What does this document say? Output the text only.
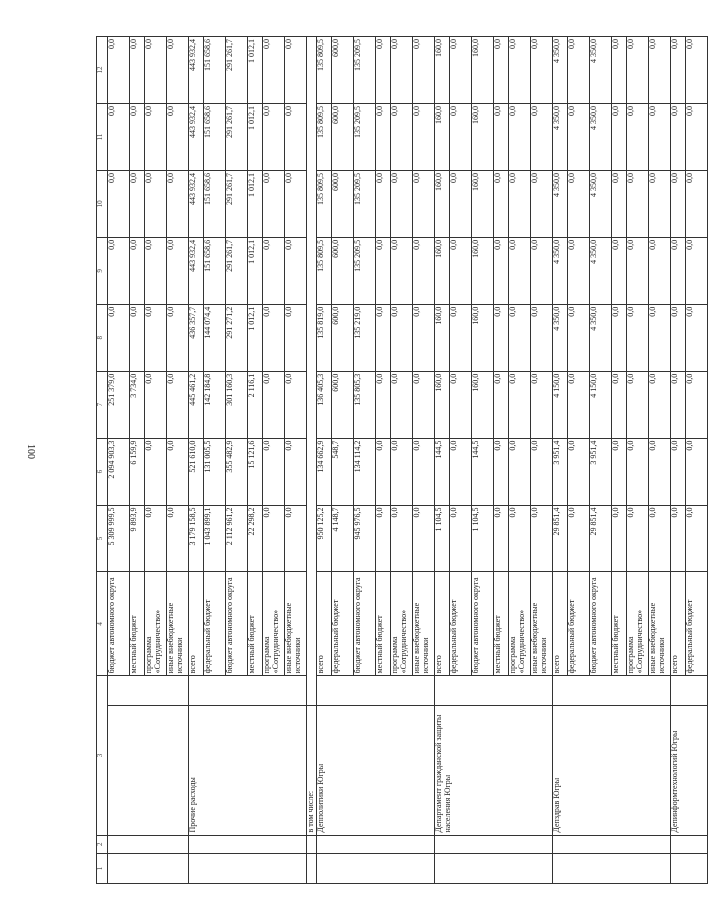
100
1	2	3		4	5	6	7	8	9	10	11	12
				бюджет автономного округа	5 309 999,5	2 094 903,3	251 379,0	0,0	0,0	0,0	0,0	0,0
				местный бюджет	9 893,9	6 159,9	3 734,0	0,0	0,0	0,0	0,0	0,0
				программа «Сотрудничество»	0,0	0,0	0,0	0,0	0,0	0,0	0,0	0,0
				иные внебюджетные источники	0,0	0,0	0,0	0,0	0,0	0,0	0,0	0,0
		Прочие расходы		всего	3 179 158,5	521 610,0	445 461,2	436 357,7	443 932,4	443 932,4	443 932,4	443 932,4
				федеральный бюджет	1 043 899,1	131 005,5	142 184,8	144 074,4	151 658,6	151 658,6	151 658,6	151 658,6
				бюджет автономного округа	2 112 961,2	355 482,9	301 160,3	291 271,2	291 261,7	291 261,7	291 261,7	291 261,7
				местный бюджет	22 298,2	15 121,6	2 116,1	1 012,1	1 012,1	1 012,1	1 012,1	1 012,1
				программа «Сотрудничество»	0,0	0,0	0,0	0,0	0,0	0,0	0,0	0,0
				иные внебюджетные источники	0,0	0,0	0,0	0,0	0,0	0,0	0,0	0,0
		в том числе:										
		Депполитики Югры		всего	950 125,2	134 662,9	136 405,3	135 819,0	135 809,5	135 809,5	135 809,5	135 809,5
				федеральный бюджет	4 148,7	548,7	600,0	600,0	600,0	600,0	600,0	600,0
				бюджет автономного округа	945 976,5	134 114,2	135 805,3	135 219,0	135 209,5	135 209,5	135 209,5	135 209,5
				местный бюджет	0,0	0,0	0,0	0,0	0,0	0,0	0,0	0,0
				программа «Сотрудничество»	0,0	0,0	0,0	0,0	0,0	0,0	0,0	0,0
				иные внебюджетные источники	0,0	0,0	0,0	0,0	0,0	0,0	0,0	0,0
		Департамент гражданской защиты населения Югры		всего	1 104,5	144,5	160,0	160,0	160,0	160,0	160,0	160,0
				федеральный бюджет	0,0	0,0	0,0	0,0	0,0	0,0	0,0	0,0
				бюджет автономного округа	1 104,5	144,5	160,0	160,0	160,0	160,0	160,0	160,0
				местный бюджет	0,0	0,0	0,0	0,0	0,0	0,0	0,0	0,0
				программа «Сотрудничество»	0,0	0,0	0,0	0,0	0,0	0,0	0,0	0,0
				иные внебюджетные источники	0,0	0,0	0,0	0,0	0,0	0,0	0,0	0,0
		Депздрав Югры		всего	29 851,4	3 951,4	4 150,0	4 350,0	4 350,0	4 350,0	4 350,0	4 350,0
				федеральный бюджет	0,0	0,0	0,0	0,0	0,0	0,0	0,0	0,0
				бюджет автономного округа	29 851,4	3 951,4	4 150,0	4 350,0	4 350,0	4 350,0	4 350,0	4 350,0
				местный бюджет	0,0	0,0	0,0	0,0	0,0	0,0	0,0	0,0
				программа «Сотрудничество»	0,0	0,0	0,0	0,0	0,0	0,0	0,0	0,0
				иные внебюджетные источники	0,0	0,0	0,0	0,0	0,0	0,0	0,0	0,0
		Депинформтехнологий Югры		всего	0,0	0,0	0,0	0,0	0,0	0,0	0,0	0,0
				федеральный бюджет	0,0	0,0	0,0	0,0	0,0	0,0	0,0	0,0
